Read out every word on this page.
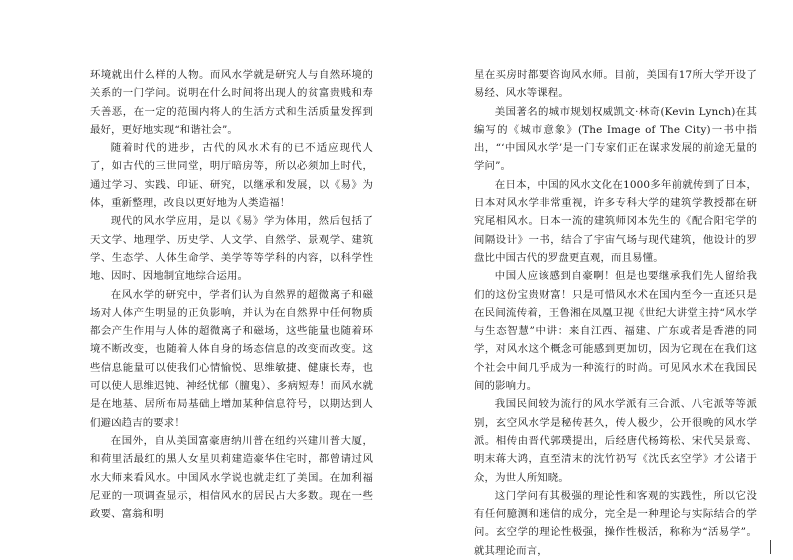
环境就出什么样的人物。而风水学就是研究人与自然环境的关系的一门学问。说明在什么时间将出现人的贫富贵贱和寿夭善恶，在一定的范围内将人的生活方式和生活质量发挥到最好，更好地实现“和谐社会”。

随着时代的进步，古代的风水术有的已不适应现代人了，如古代的三世同堂，明厅暗房等，所以必须加上时代，通过学习、实践、印证、研究，以继承和发展，以《易》为体，重新整理，改良以更好地为人类造福！

现代的风水学应用，是以《易》学为体用，然后包括了天文学、地理学、历史学、人文学、自然学、景观学、建筑学、生态学、人体生命学、美学等等学科的内容，以科学性地、因时、因地制宜地综合运用。

在风水学的研究中，学者们认为自然界的超微离子和磁场对人体产生明显的正负影响，并认为在自然界中任何物质都会产生作用与人体的超微离子和磁场，这些能量也随着环境不断改变，也随着人体自身的场态信息的改变而改变。这些信息能量可以使我们心情愉悦、思维敏捷、健康长寿，也可以使人思维迟钝、神经忧郁（膻鬼）、多病短寿！而风水就是在地基、居所布局基础上增加某种信息符号，以期达到人们避凶趋吉的要求！

在国外，自从美国富豪唐纳川普在纽约兴建川普大厦，和荷里活最红的黑人女星贝莉建造豪华住宅时，都曾请过风水大师来看风水。中国风水学说也就走红了美国。在加利福尼亚的一项调查显示，相信风水的居民占大多数。现在一些政要、富翁和明

星在买房时都要咨询风水师。目前，美国有17所大学开设了易经、风水等课程。

美国著名的城市规划权威凯文·林奇(Kevin Lynch)在其编写的《城市意象》(The Image of The City)一书中指出，“‘中国风水学’是一门专家们正在谋求发展的前途无量的学问”。

在日本，中国的风水文化在1000多年前就传到了日本，日本对风水学非常重视，许多专科大学的建筑学教授都在研究尾相风水。日本一流的建筑师冈本先生的《配合阳宅学的间隔设计》一书，结合了宇宙气场与现代建筑，他设计的罗盘比中国古代的罗盘更直观，而且易懂。

中国人应该感到自豪啊！但是也要继承我们先人留给我们的这份宝贵财富！只是可惜风水术在国内至今一直还只是在民间流传着，王鲁湘在凤凰卫视《世纪大讲堂主持“风水学与生态智慧”中讲：来自江西、福建、广东或者是香港的同学，对风水这个概念可能感到更加切，因为它现在在我们这个社会中间几乎成为一种流行的时尚。可见风水术在我国民间的影响力。

我国民间较为流行的风水学派有三合派、八宅派等等派别，玄空风水学是秘传甚久，传人极少，公开很晚的风水学派。相传由晋代郭璞提出，后经唐代杨筠松、宋代吴景鸾、明末蒋大鸿，直至清末的沈竹礽写《沈氏玄空学》才公诸于众，为世人所知晓。

这门学问有其极强的理论性和客观的实践性，所以它没有任何臆测和迷信的成分，完全是一种理论与实际结合的学问。玄空学的理论性极强，操作性极活，称称为“活易学”。就其理论而言，
